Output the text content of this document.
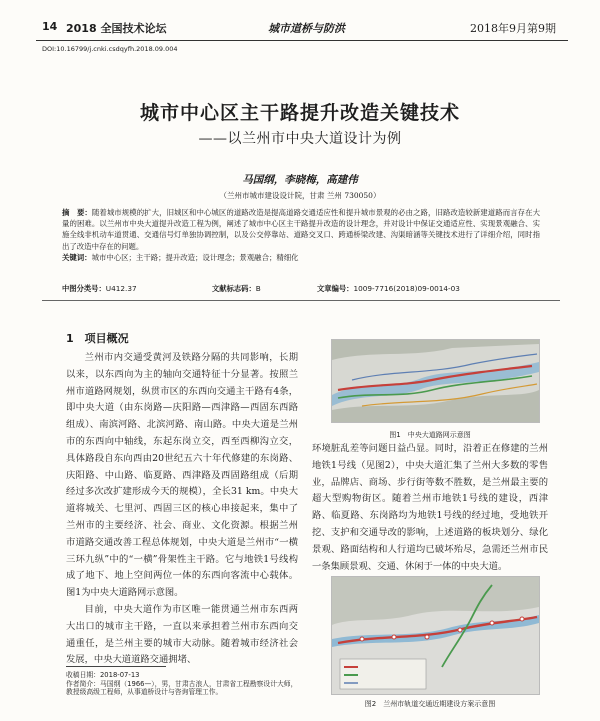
14 2018 全国技术论坛	城市道桥与防洪	2018年9月第9期
DOI:10.16799/j.cnki.csdqyfh.2018.09.004
城市中心区主干路提升改造关键技术
——以兰州市中央大道设计为例
马国纲，李晓梅，高建伟
（兰州市城市建设设计院，甘肃 兰州 730050）
摘　要：随着城市规模的扩大，旧城区和中心城区的道路改造是提高道路交通适应性和提升城市景观的必由之路，旧路改造较新建道路而言存在大量的困难。以兰州市中央大道提升改造工程为例，阐述了城市中心区主干路提升改造的设计理念，并对设计中保证交通适应性、实现景观融合、实施全线非机动车道贯通、交通信号灯单独协调控制，以及公交停靠站、道路交叉口、跨通桥梁改建、沟渠暗涵等关键技术进行了详细介绍，同时指出了改造中存在的问题。
关键词：城市中心区；主干路；提升改造；设计理念；景观融合；精细化
中图分类号： U412.37	文献标志码： B	文章编号： 1009-7716(2018)09-0014-03
1　项目概况

兰州市内交通受黄河及铁路分隔的共同影响，长期以来，以东西向为主的轴向交通特征十分显著。按照兰州市道路网规划，纵贯市区的东西向交通主干路有4条，即中央大道（由东岗路—庆阳路—西津路—西固东西路组成）、南滨河路、北滨河路、南山路。中央大道是兰州市的东西向中轴线，东起东岗立交，西至西柳沟立交，具体路段自东向西由20世纪五六十年代修建的东岗路、庆阳路、中山路、临夏路、西津路及西固路组成（后期经过多次改扩建形成今天的规模），全长31 km。中央大道将城关、七里河、西固三区的核心串接起来，集中了兰州市的主要经济、社会、商业、文化资源。根据兰州市道路交通改善工程总体规划，中央大道是兰州市“一横三环九纵”中的“一横”骨架性主干路。它与地铁1号线构成了地下、地上空间两位一体的东西向客流中心载体。图1为中央大道路网示意图。

目前，中央大道作为市区唯一能贯通兰州市东西两大出口的城市主干路，一直以来承担着兰州市东西向交通重任，是兰州主要的城市大动脉。随着城市经济社会发展，中央大道道路交通拥堵、

环境脏乱差等问题日益凸显。同时，沿着正在修建的兰州地铁1号线（见图2），中央大道汇集了兰州大多数的零售业，品牌店、商场、步行街等数不胜数，是兰州最主要的超大型购物街区。随着兰州市地铁1号线的建设，西津路、临夏路、东岗路均为地铁1号线的经过地，受地铁开挖、支护和交通导改的影响，上述道路的板块划分、绿化景观、路面结构和人行道均已破坏殆尽，急需还兰州市民一条集顾景观、交通、休闲于一体的中央大道。

收稿日期：2018-07-13
作者简介：马国纲（1966—），男，甘肃古浪人，甘肃省工程勘察设计大师，教授级高级工程师，从事道桥设计与咨询管理工作。
图1　中央大道路网示意图
图2　兰州市轨道交通近期建设方案示意图
